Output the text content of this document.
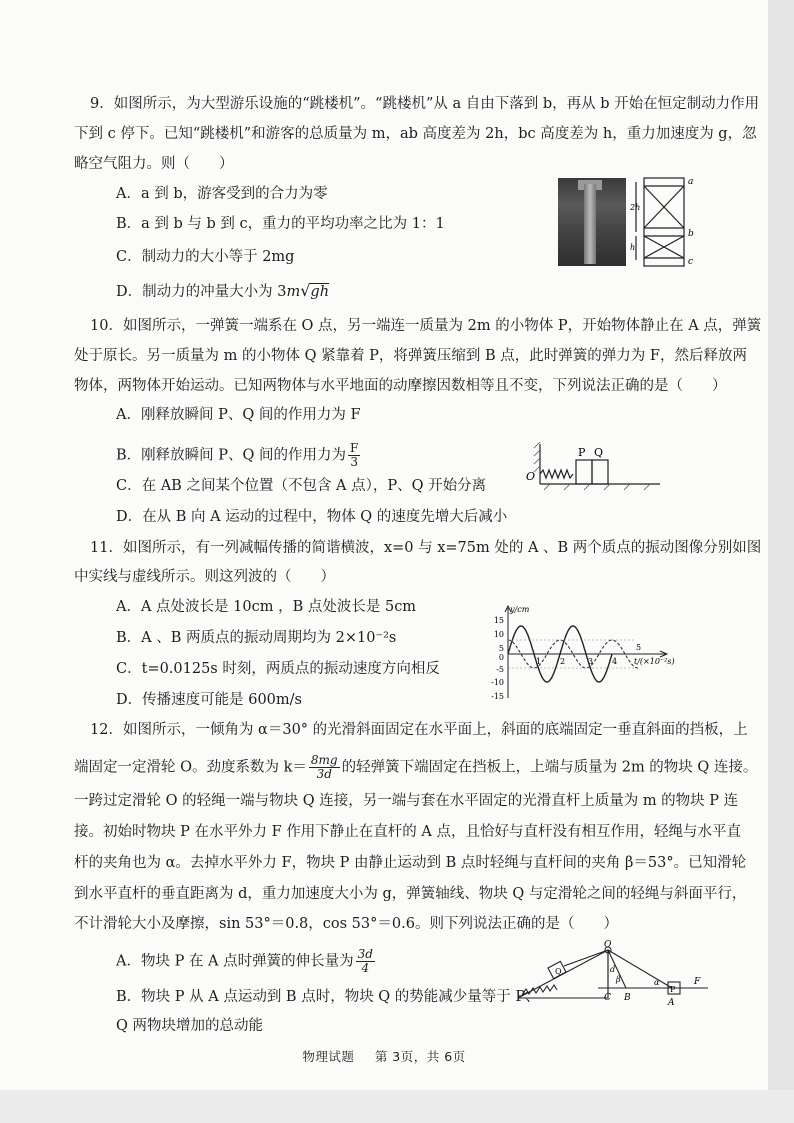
9．如图所示，为大型游乐设施的“跳楼机”。“跳楼机”从 a 自由下落到 b，再从 b 开始在恒定制动力作用
下到 c 停下。已知“跳楼机”和游客的总质量为 m，ab 高度差为 2h，bc 高度差为 h，重力加速度为 g，忽
略空气阻力。则（　　）
A．a 到 b，游客受到的合力为零
B．a 到 b 与 b 到 c，重力的平均功率之比为 1：1
C．制动力的大小等于 2mg
D．制动力的冲量大小为 3m√gh
a
b
c
2h
h
10．如图所示，一弹簧一端系在 O 点，另一端连一质量为 2m 的小物体 P，开始物体静止在 A 点，弹簧
处于原长。另一质量为 m 的小物体 Q 紧靠着 P，将弹簧压缩到 B 点，此时弹簧的弹力为 F，然后释放两
物体，两物体开始运动。已知两物体与水平地面的动摩擦因数相等且不变，下列说法正确的是（　　）
A．刚释放瞬间 P、Q 间的作用力为 F
B．刚释放瞬间 P、Q 间的作用力为 $\frac{F}{3}$
C．在 AB 之间某个位置（不包含 A 点），P、Q 开始分离
D．在从 B 向 A 运动的过程中，物体 Q 的速度先增大后减小
O
P Q
11．如图所示，有一列减幅传播的简谐横波，x=0 与 x=75m 处的 A 、B 两个质点的振动图像分别如图
中实线与虚线所示。则这列波的（　　）
A．A 点处波长是 10cm ，B 点处波长是 5cm
B．A 、B 两质点的振动周期均为 2×10⁻²s
C．t=0.0125s 时刻，两质点的振动速度方向相反
D．传播速度可能是 600m/s
y/cm
t/(×10⁻²s)
15
10
5
0
-5
-10
-15
1 2	3 4
5
12．如图所示，一倾角为 α＝30° 的光滑斜面固定在水平面上，斜面的底端固定一垂直斜面的挡板，上
端固定一定滑轮 O。劲度系数为 $k= \frac{8mg}{3d}$ 的轻弹簧下端固定在挡板上，上端与质量为 2m 的物块 Q 连接。
一跨过定滑轮 O 的轻绳一端与物块 Q 连接，另一端与套在水平固定的光滑直杆上质量为 m 的物块 P 连
接。初始时物块 P 在水平外力 F 作用下静止在直杆的 A 点，且恰好与直杆没有相互作用，轻绳与水平直
杆的夹角也为 α。去掉水平外力 F，物块 P 由静止运动到 B 点时轻绳与直杆间的夹角 β＝53°。已知滑轮
到水平直杆的垂直距离为 d，重力加速度大小为 g，弹簧轴线、物块 Q 与定滑轮之间的轻绳与斜面平行，
不计滑轮大小及摩擦，sin 53°＝0.8，cos 53°＝0.6。则下列说法正确的是（　　）
A．物块 P 在 A 点时弹簧的伸长量为 $\frac{3d}{4}$
B．物块 P 从 A 点运动到 B 点时，物块 Q 的势能减少量等于 P、
Q 两物块增加的总动能
O
Q
P
A
B
C
d
β	α	F
物理试题 第 3页，共 6页
